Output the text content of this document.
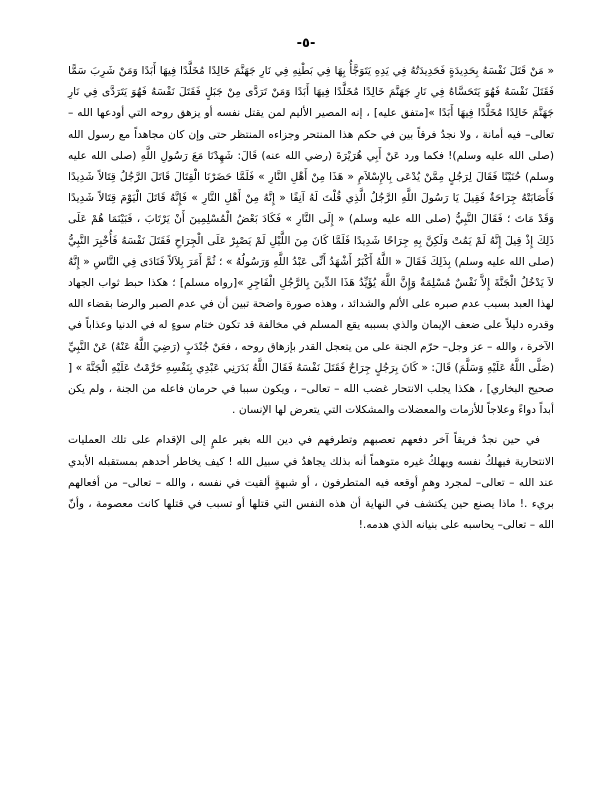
-٥-

« مَنْ قَتَلَ نَفْسَهُ بِحَدِيدَةٍ فَحَدِيدَتُهُ فِي يَدِهِ يَتَوَجَّأُ بِهَا فِي بَطْنِهِ فِي نَارِ جَهَنَّمَ خَالِدًا مُخَلَّدًا فِيهَا أَبَدًا وَمَنْ شَرِبَ سَمًّا فَقَتَلَ نَفْسَهُ فَهُوَ يَتَحَسَّاهُ فِي نَارِ جَهَنَّمَ خَالِدًا مُخَلَّدًا فِيهَا أَبَدًا وَمَنْ تَرَدَّى مِنْ جَبَلٍ فَقَتَلَ نَفْسَهُ فَهُوَ يَتَرَدَّى فِي نَارِ جَهَنَّمَ خَالِدًا مُخَلَّدًا فِيهَا أَبَدًا »[متفق عليه] ، إنه المصير الأليم لمن يقتل نفسه أو يزهق روحه التي أودعها الله – تعالى– فيه أمانة ، ولا نجدُ فرقاً بين في حكم هذا المنتحر وجزاءه المنتظر حتى وإن كان مجاهداً مع رسول الله (صلى الله عليه وسلم)! فكما ورد عَنْ أَبِي هُرَيْرَةَ (رضي الله عنه) قَالَ: شَهِدْنَا مَعَ رَسُولِ اللَّهِ (صلى الله عليه وسلم) حُنَيْنًا فَقَالَ لِرَجُلٍ مِمَّنْ يُدْعَى بِالإِسْلاَمِ « هَذَا مِنْ أَهْلِ النَّارِ » فَلَمَّا حَضَرْنَا الْقِتَالَ قَاتَلَ الرَّجُلُ قِتَالاً شَدِيدًا فَأَصَابَتْهُ جِرَاحَةٌ فَقِيلَ يَا رَسُولَ اللَّهِ الرَّجُلُ الَّذِي قُلْتَ لَهُ آنِفًا « إِنَّهُ مِنْ أَهْلِ النَّارِ » فَإِنَّهُ قَاتَلَ الْيَوْمَ قِتَالاً شَدِيدًا وَقَدْ مَاتَ ؛ فَقَالَ النَّبِيُّ (صلى الله عليه وسلم) « إِلَى النَّارِ » فَكَادَ بَعْضُ الْمُسْلِمِينَ أَنْ يَرْتَابَ ، فَبَيْنَمَا هُمْ عَلَى ذَلِكَ إِذْ قِيلَ إِنَّهُ لَمْ يَمُتْ وَلَكِنَّ بِهِ جِرَاحًا شَدِيدًا فَلَمَّا كَانَ مِنَ اللَّيْلِ لَمْ يَصْبِرْ عَلَى الْجِرَاحِ فَقَتَلَ نَفْسَهُ فَأُخْبِرَ النَّبِيُّ (صلى الله عليه وسلم) بِذَلِكَ فَقَالَ « اللَّهُ أَكْبَرُ أَشْهَدُ أَنِّى عَبْدُ اللَّهِ وَرَسُولُهُ » ؛ ثُمَّ أَمَرَ بِلاَلاً فَنَادَى فِي النَّاسِ « إِنَّهُ لاَ يَدْخُلُ الْجَنَّةَ إِلاَّ نَفْسٌ مُسْلِمَةٌ وَإِنَّ اللَّهَ يُؤَيِّدُ هَذَا الدِّينَ بِالرَّجُلِ الْفَاجِرِ »[رواه مسلم] ؛ هكذا حبط ثواب الجهاد لهذا العبد بسبب عدم صبره على الألم والشدائد ، وهذه صورة واضحة تبين أن في عدم الصبر والرضا بقضاء الله وقدره دليلاً على ضعف الإيمان والذي بسببه يقع المسلم في مخالفة قد تكون ختام سوءٍ له في الدنيا وعذاباً في الآخرة ، والله – عز وجل– حرّم الجنة على من يتعجل القدر بإزهاق روحه ، فعَنْ جُنْدَبٍ (رَضِيَ اللَّهُ عَنْهُ) عَنْ النَّبِيِّ (صَلَّى اللَّهُ عَلَيْهِ وَسَلَّمَ) قَالَ: « كَانَ بِرَجُلٍ جِرَاحٌ فَقَتَلَ نَفْسَهُ فَقَالَ اللَّهُ بَدَرَنِي عَبْدِي بِنَفْسِهِ حَرَّمْتُ عَلَيْهِ الْجَنَّةَ » [ صحيح البخاري] ، هكذا يجلب الانتحار غضب الله – تعالى– ، ويكون سببا في حرمان فاعله من الجنة ، ولم يكن أبداً دواءً وعلاجاً للأزمات والمعضلات والمشكلات التي يتعرض لها الإنسان .

في حين نجدُ فريقاً آخر دفعهم تعصبهم وتطرفهم في دين الله بغير علمٍ إلى الإقدام على تلك العمليات الانتحارية فيهلكُ نفسه ويهلكُ غيره متوهماً أنه بذلك يجاهدُ في سبيل الله ! كيف يخاطر أحدهم بمستقبله الأبدي عند الله – تعالى– لمجرد وهمٍ أوقعه فيه المتطرفون ، أو شبهةٍ ألقيت في نفسه ، والله – تعالى– من أفعالهم بريء .! ماذا يصنع حين يكتشف في النهاية أن هذه النفس التي قتلها أو تسبب في قتلها كانت معصومة ، وأنّ الله – تعالى– يحاسبه على بنيانه الذي هدمه.!
